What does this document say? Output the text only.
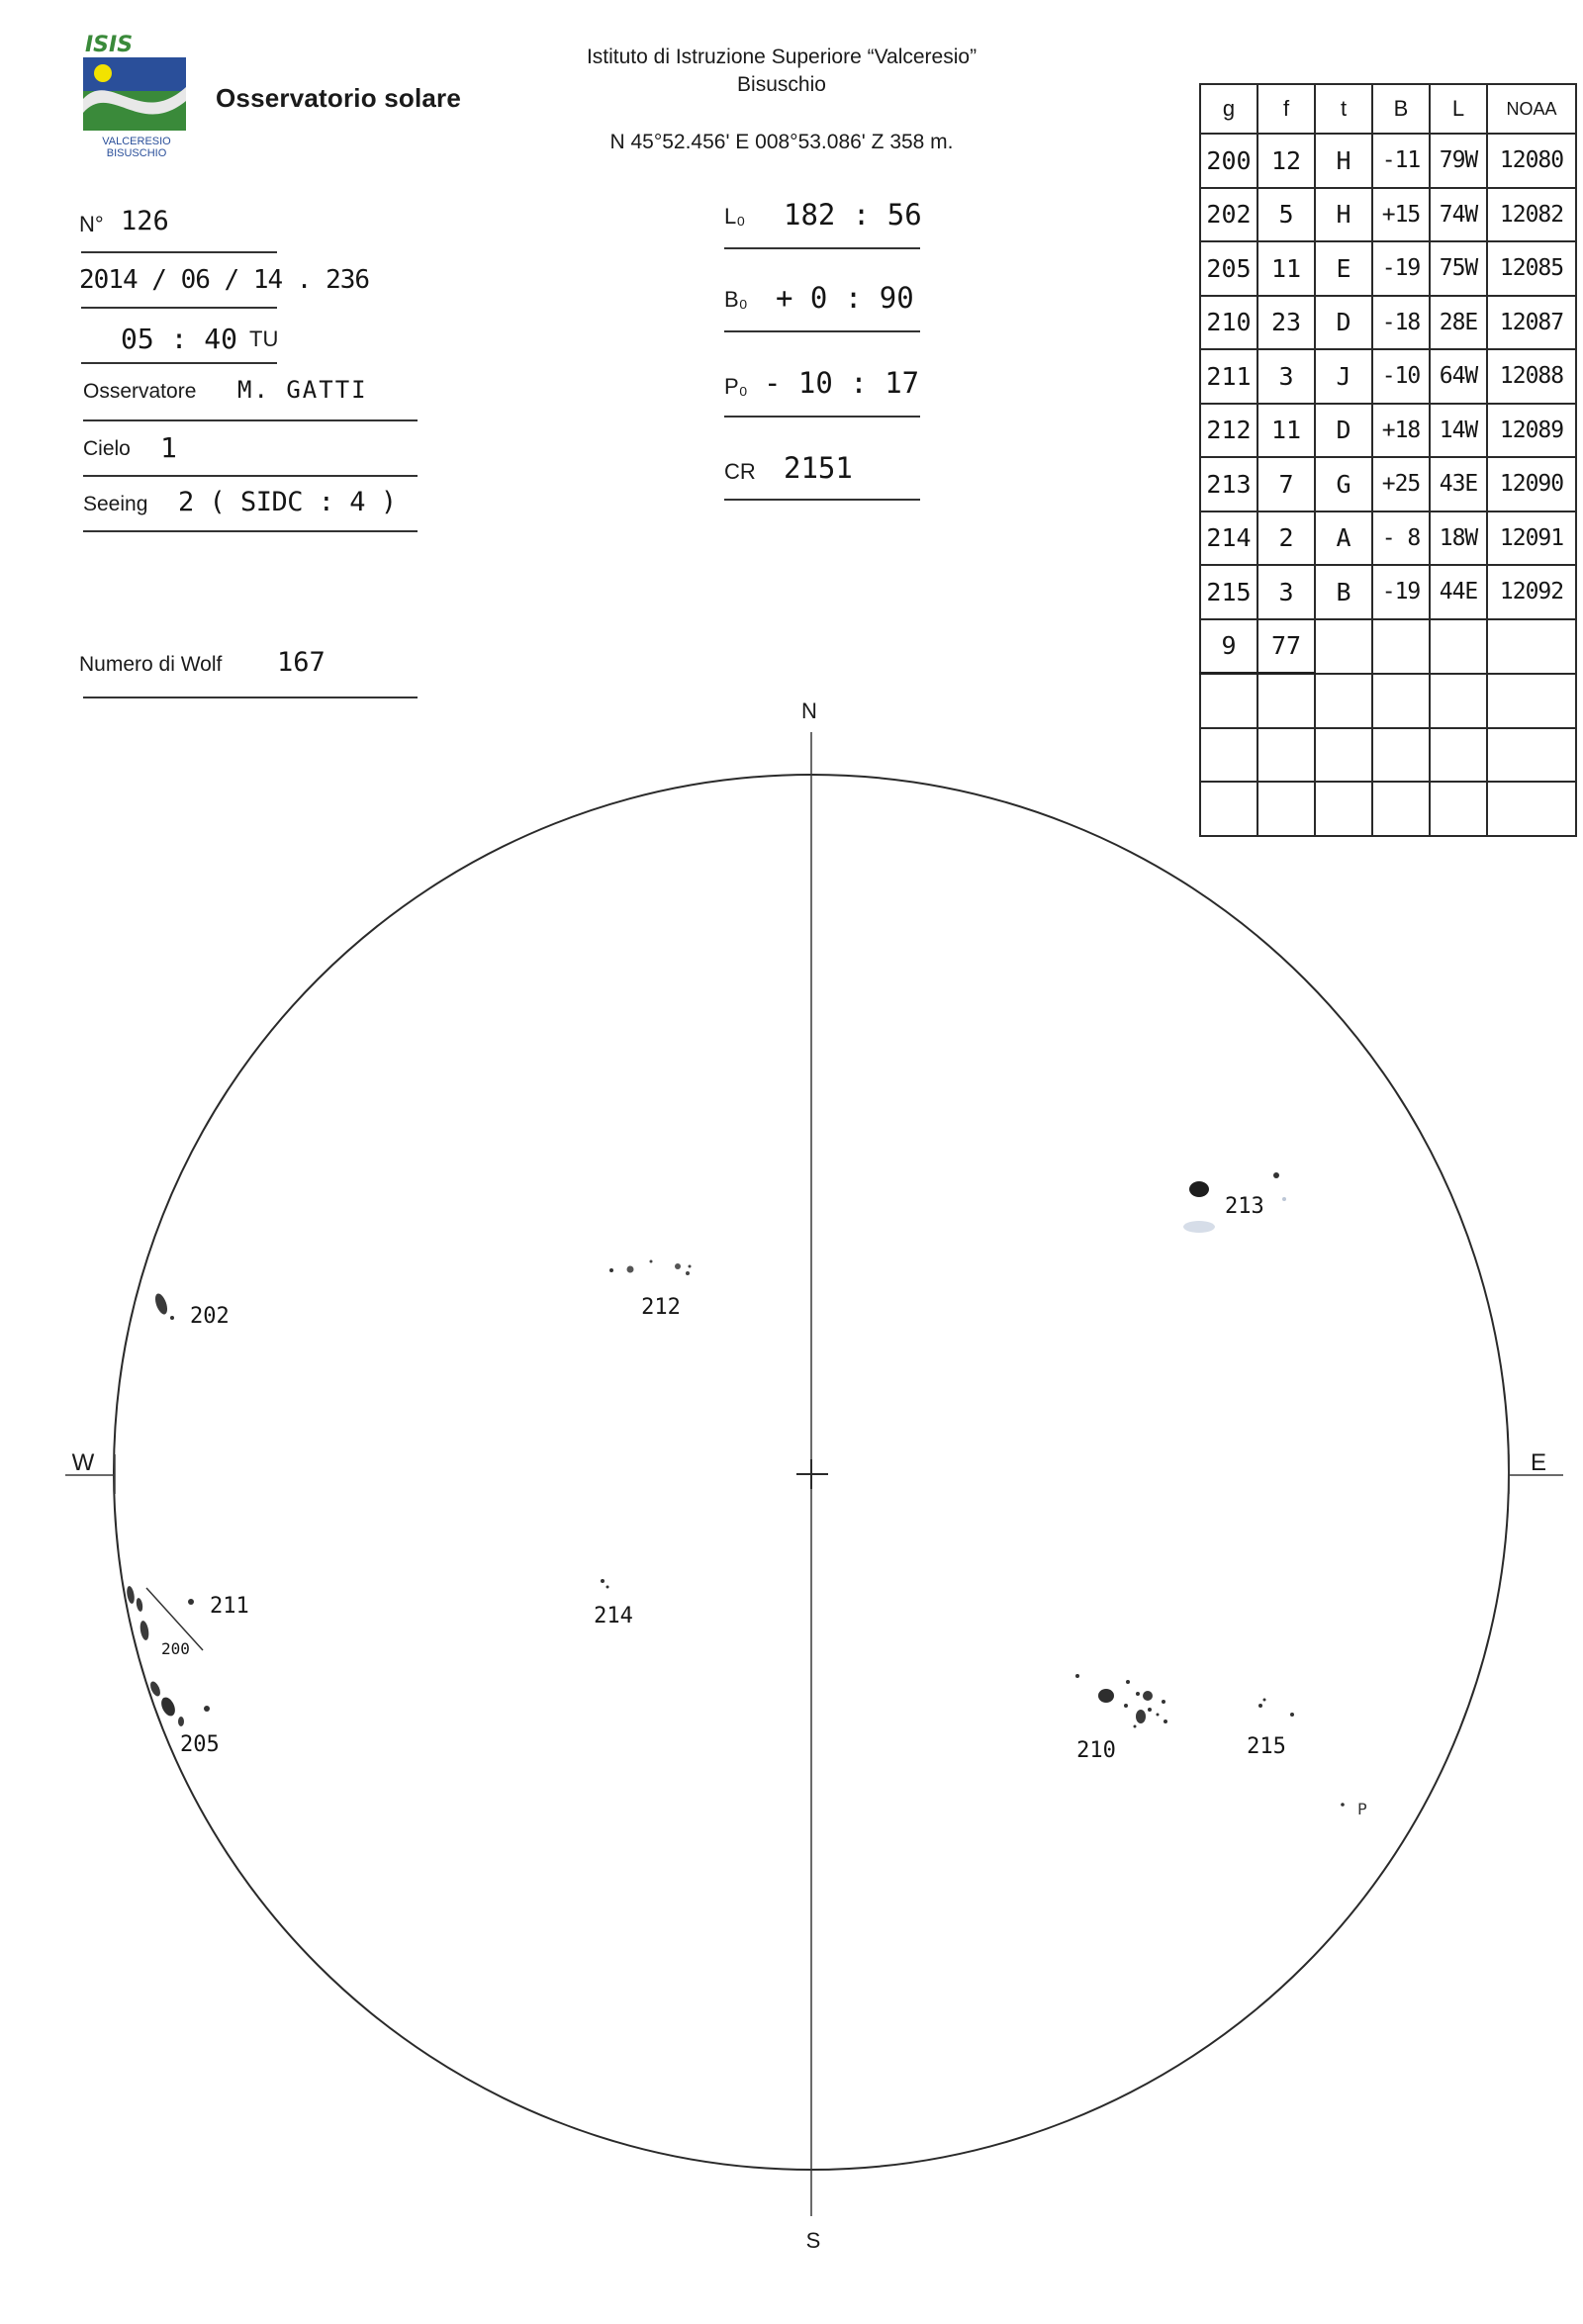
ISIS
VALCERESIO
BISUSCHIO
Osservatorio solare
Istituto di Istruzione Superiore “Valceresio”
Bisuschio
N 45°52.456' E 008°53.086' Z 358 m.
N° 126
2014 / 06 / 14 . 236
05 : 40 TU
Osservatore M. GATTI
Cielo 1
Seeing 2 ( SIDC : 4 )
Numero di Wolf 167
L₀ 182 : 56
B₀ + 0 : 90
P₀ - 10 : 17
CR 2151
g	f	t	B	L	NOAA
200	12	H	-11	79W	12080
202	5	H	+15	74W	12082
205	11	E	-19	75W	12085
210	23	D	-18	28E	12087
211	3	J	-10	64W	12088
212	11	D	+18	14W	12089
213	7	G	+25	43E	12090
214	2	A	- 8	18W	12091
215	3	B	-19	44E	12092
9	77				

N
S
W	E
P
212
202
213
211
200
205
214
210	215
